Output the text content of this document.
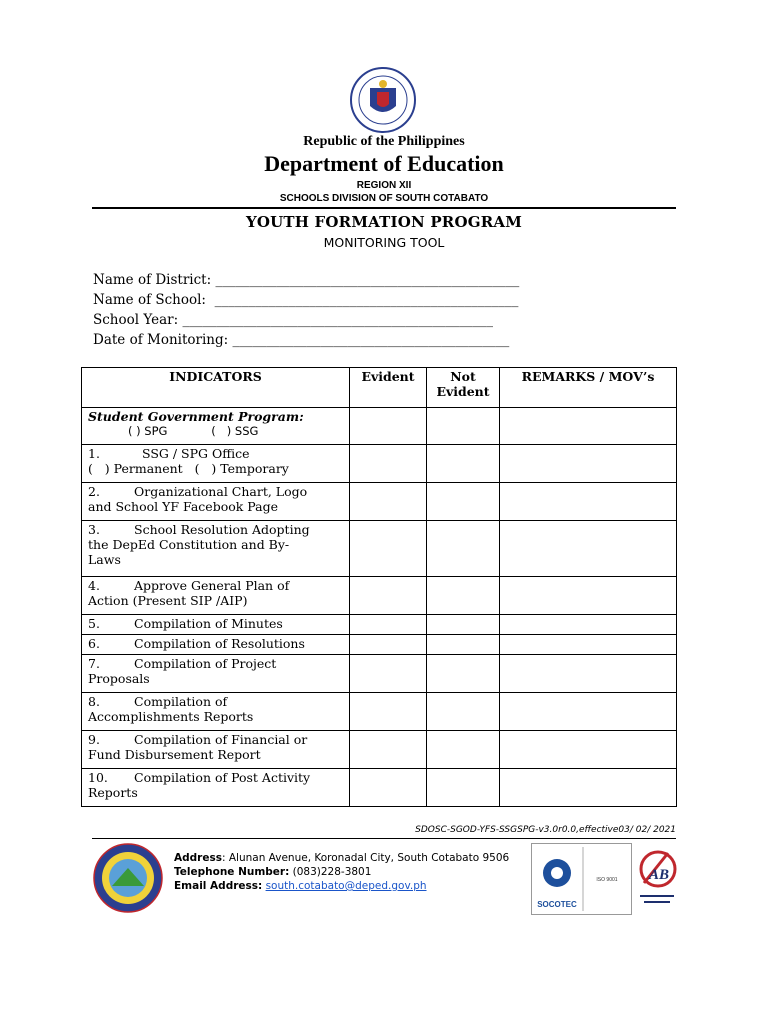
Republic of the Philippines
Department of Education
REGION XII
SCHOOLS DIVISION OF SOUTH COTABATO
YOUTH FORMATION PROGRAM
MONITORING TOOL
Name of District: _____________________________________________
Name of School:  _____________________________________________
School Year: ______________________________________________
Date of Monitoring: _________________________________________
INDICATORS	Evident	Not Evident	REMARKS / MOV’s

Student Government Program:
( ) SPG            (   ) SSG			

1. SSG / SPG Office
(   ) Permanent   (   ) Temporary			

2. Organizational Chart, Logo
and School YF Facebook Page			

3. School Resolution Adopting
the DepEd Constitution and By-
Laws			

4. Approve General Plan of
Action (Present SIP /AIP)			

5. Compilation of Minutes			
6. Compilation of Resolutions			

7. Compilation of Project
Proposals			

8. Compilation of
Accomplishments Reports			

9. Compilation of Financial or
Fund Disbursement Report			

10. Compilation of Post Activity
Reports			

SDOSC-SGOD-YFS-SSGSPG-v3.0r0.0,effective03/ 02/ 2021
Address: Alunan Avenue, Koronadal City, South Cotabato 9506
Telephone Number: (083)228-3801
Email Address: south.cotabato@deped.gov.ph
SOCOTEC
ISO 9001 AB
